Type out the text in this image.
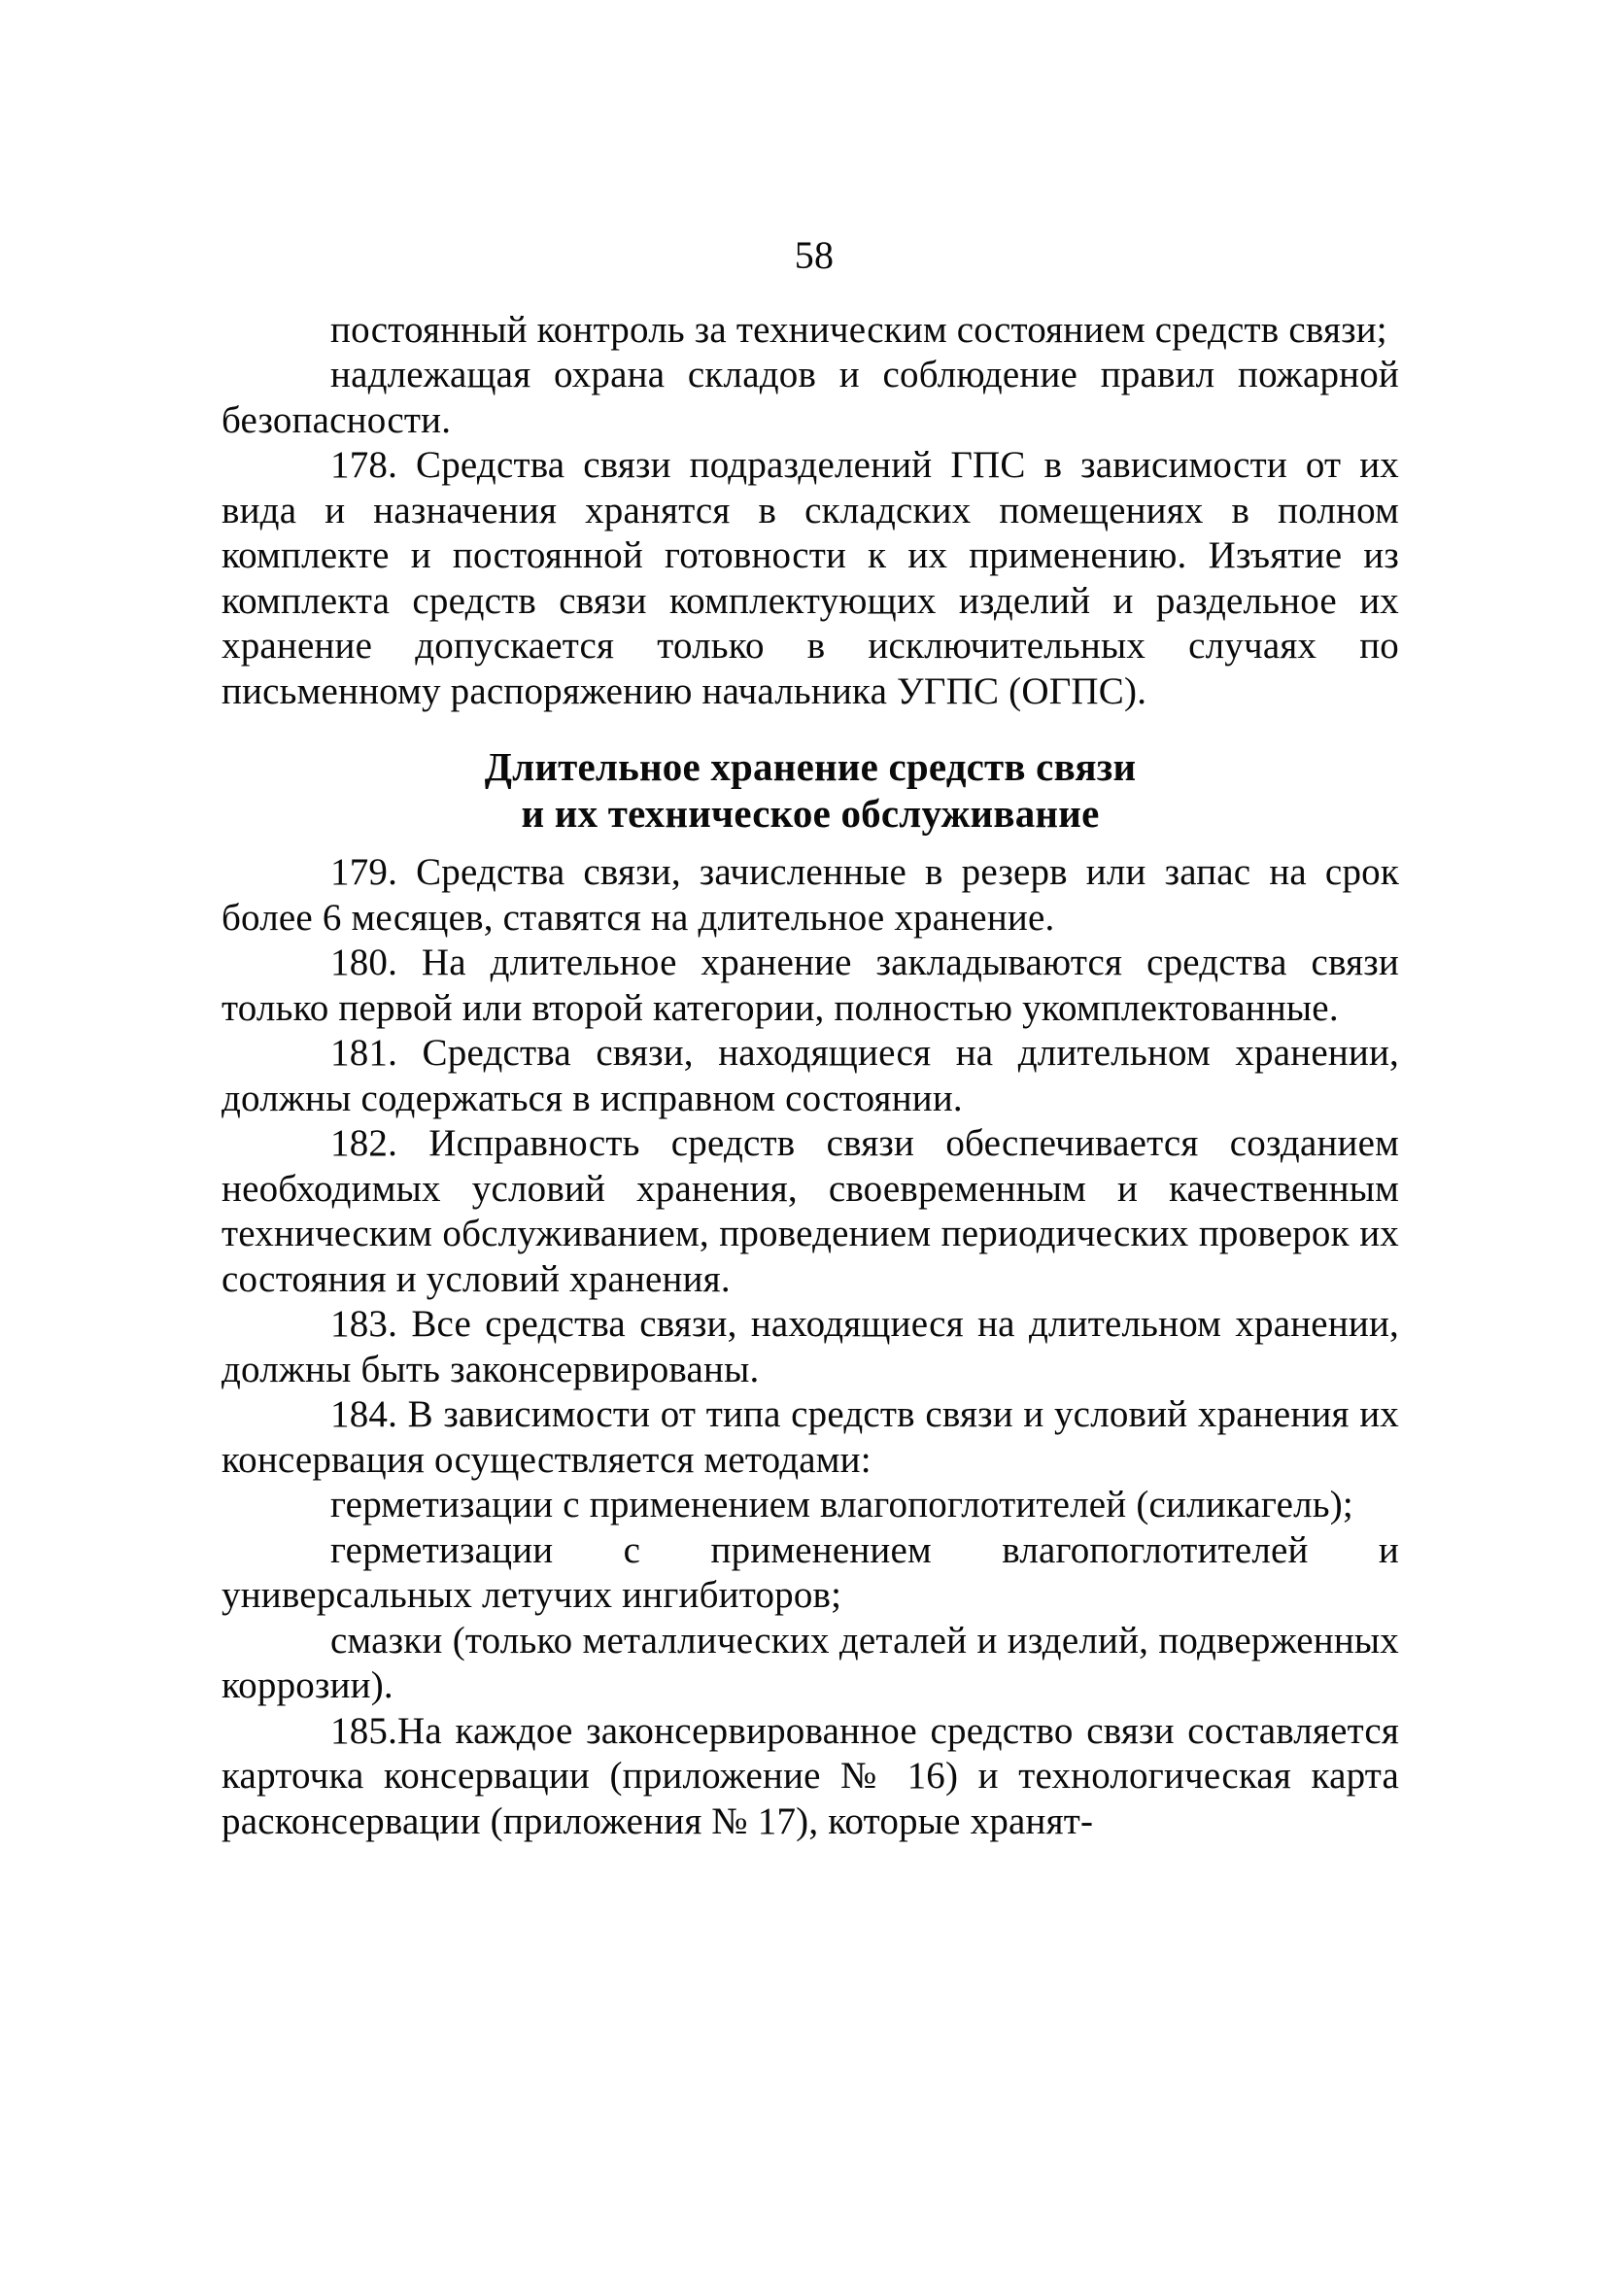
58

постоянный контроль за техническим состоянием средств связи;

надлежащая охрана складов и соблюдение правил пожарной безопасности.

178. Средства связи подразделений ГПС в зависимости от их вида и назначения хранятся в складских помещениях в полном комплекте и постоянной готовности к их применению. Изъятие из комплекта средств связи комплектующих изделий и раздельное их хранение допускается только в исключительных случаях по письменному распоряжению начальника УГПС (ОГПС).

Длительное хранение средств связи
и их техническое обслуживание

179. Средства связи, зачисленные в резерв или запас на срок более 6 месяцев, ставятся на длительное хранение.

180. На длительное хранение закладываются средства связи только первой или второй категории, полностью укомплектованные.

181. Средства связи, находящиеся на длительном хранении, должны содержаться в исправном состоянии.

182. Исправность средств связи обеспечивается созданием необходимых условий хранения, своевременным и качественным техническим обслуживанием, проведением периодических проверок их состояния и условий хранения.

183. Все средства связи, находящиеся на длительном хранении, должны быть законсервированы.

184. В зависимости от типа средств связи и условий хранения их консервация осуществляется методами:

герметизации с применением влагопоглотителей (силикагель);

герметизации с применением влагопоглотителей и универсальных летучих ингибиторов;

смазки (только металлических деталей и изделий, подверженных коррозии).

185.На каждое законсервированное средство связи составляется карточка консервации (приложение № 16) и технологическая карта расконсервации (приложения № 17), которые хранят-
